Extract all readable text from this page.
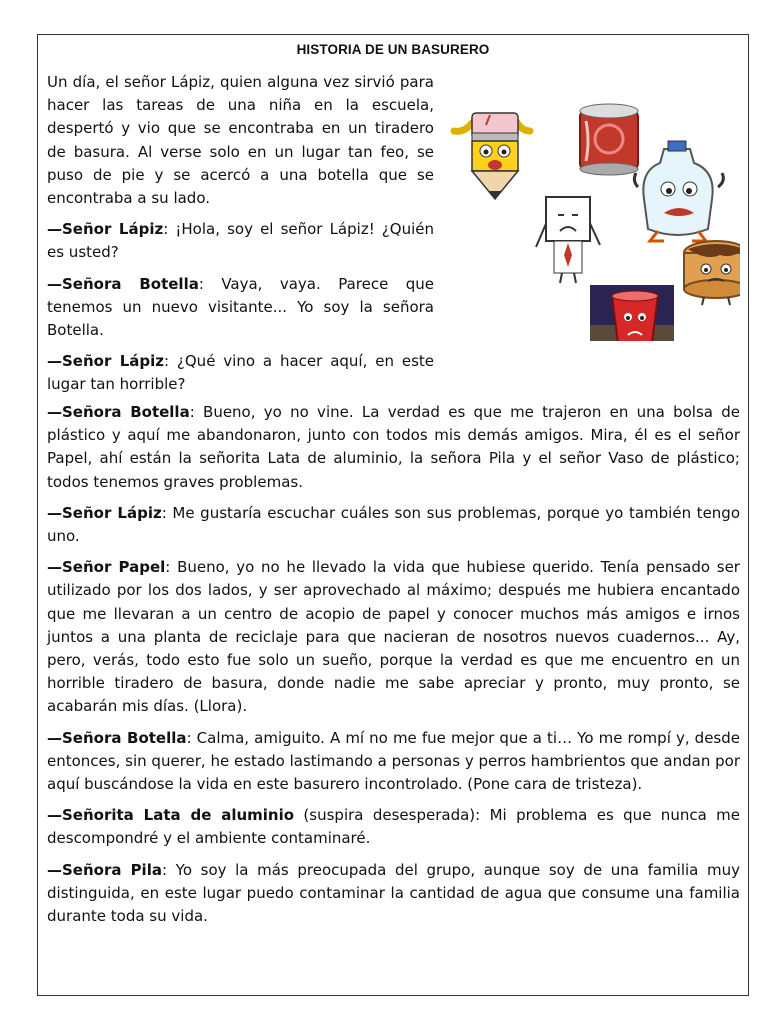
HISTORIA DE UN BASURERO

Un día, el señor Lápiz, quien alguna vez sirvió para hacer las tareas de una niña en la escuela, despertó y vio que se encontraba en un tiradero de basura. Al verse solo en un lugar tan feo, se puso de pie y se acercó a una botella que se encontraba a su lado.

—Señor Lápiz: ¡Hola, soy el señor Lápiz! ¿Quién es usted?

—Señora Botella: Vaya, vaya. Parece que tenemos un nuevo visitante... Yo soy la señora Botella.

—Señor Lápiz: ¿Qué vino a hacer aquí, en este lugar tan horrible?

—Señora Botella: Bueno, yo no vine. La verdad es que me trajeron en una bolsa de plástico y aquí me abandonaron, junto con todos mis demás amigos. Mira, él es el señor Papel, ahí están la señorita Lata de aluminio, la señora Pila y el señor Vaso de plástico; todos tenemos graves problemas.

—Señor Lápiz: Me gustaría escuchar cuáles son sus problemas, porque yo también tengo uno.

—Señor Papel: Bueno, yo no he llevado la vida que hubiese querido. Tenía pensado ser utilizado por los dos lados, y ser aprovechado al máximo; después me hubiera encantado que me llevaran a un centro de acopio de papel y conocer muchos más amigos e irnos juntos a una planta de reciclaje para que nacieran de nosotros nuevos cuadernos... Ay, pero, verás, todo esto fue solo un sueño, porque la verdad es que me encuentro en un horrible tiradero de basura, donde nadie me sabe apreciar y pronto, muy pronto, se acabarán mis días. (Llora).

—Señora Botella: Calma, amiguito. A mí no me fue mejor que a ti… Yo me rompí y, desde entonces, sin querer, he estado lastimando a personas y perros hambrientos que andan por aquí buscándose la vida en este basurero incontrolado. (Pone cara de tristeza).

—Señorita Lata de aluminio (suspira desesperada): Mi problema es que nunca me descompondré y el ambiente contaminaré.

—Señora Pila: Yo soy la más preocupada del grupo, aunque soy de una familia muy distinguida, en este lugar puedo contaminar la cantidad de agua que consume una familia durante toda su vida.
